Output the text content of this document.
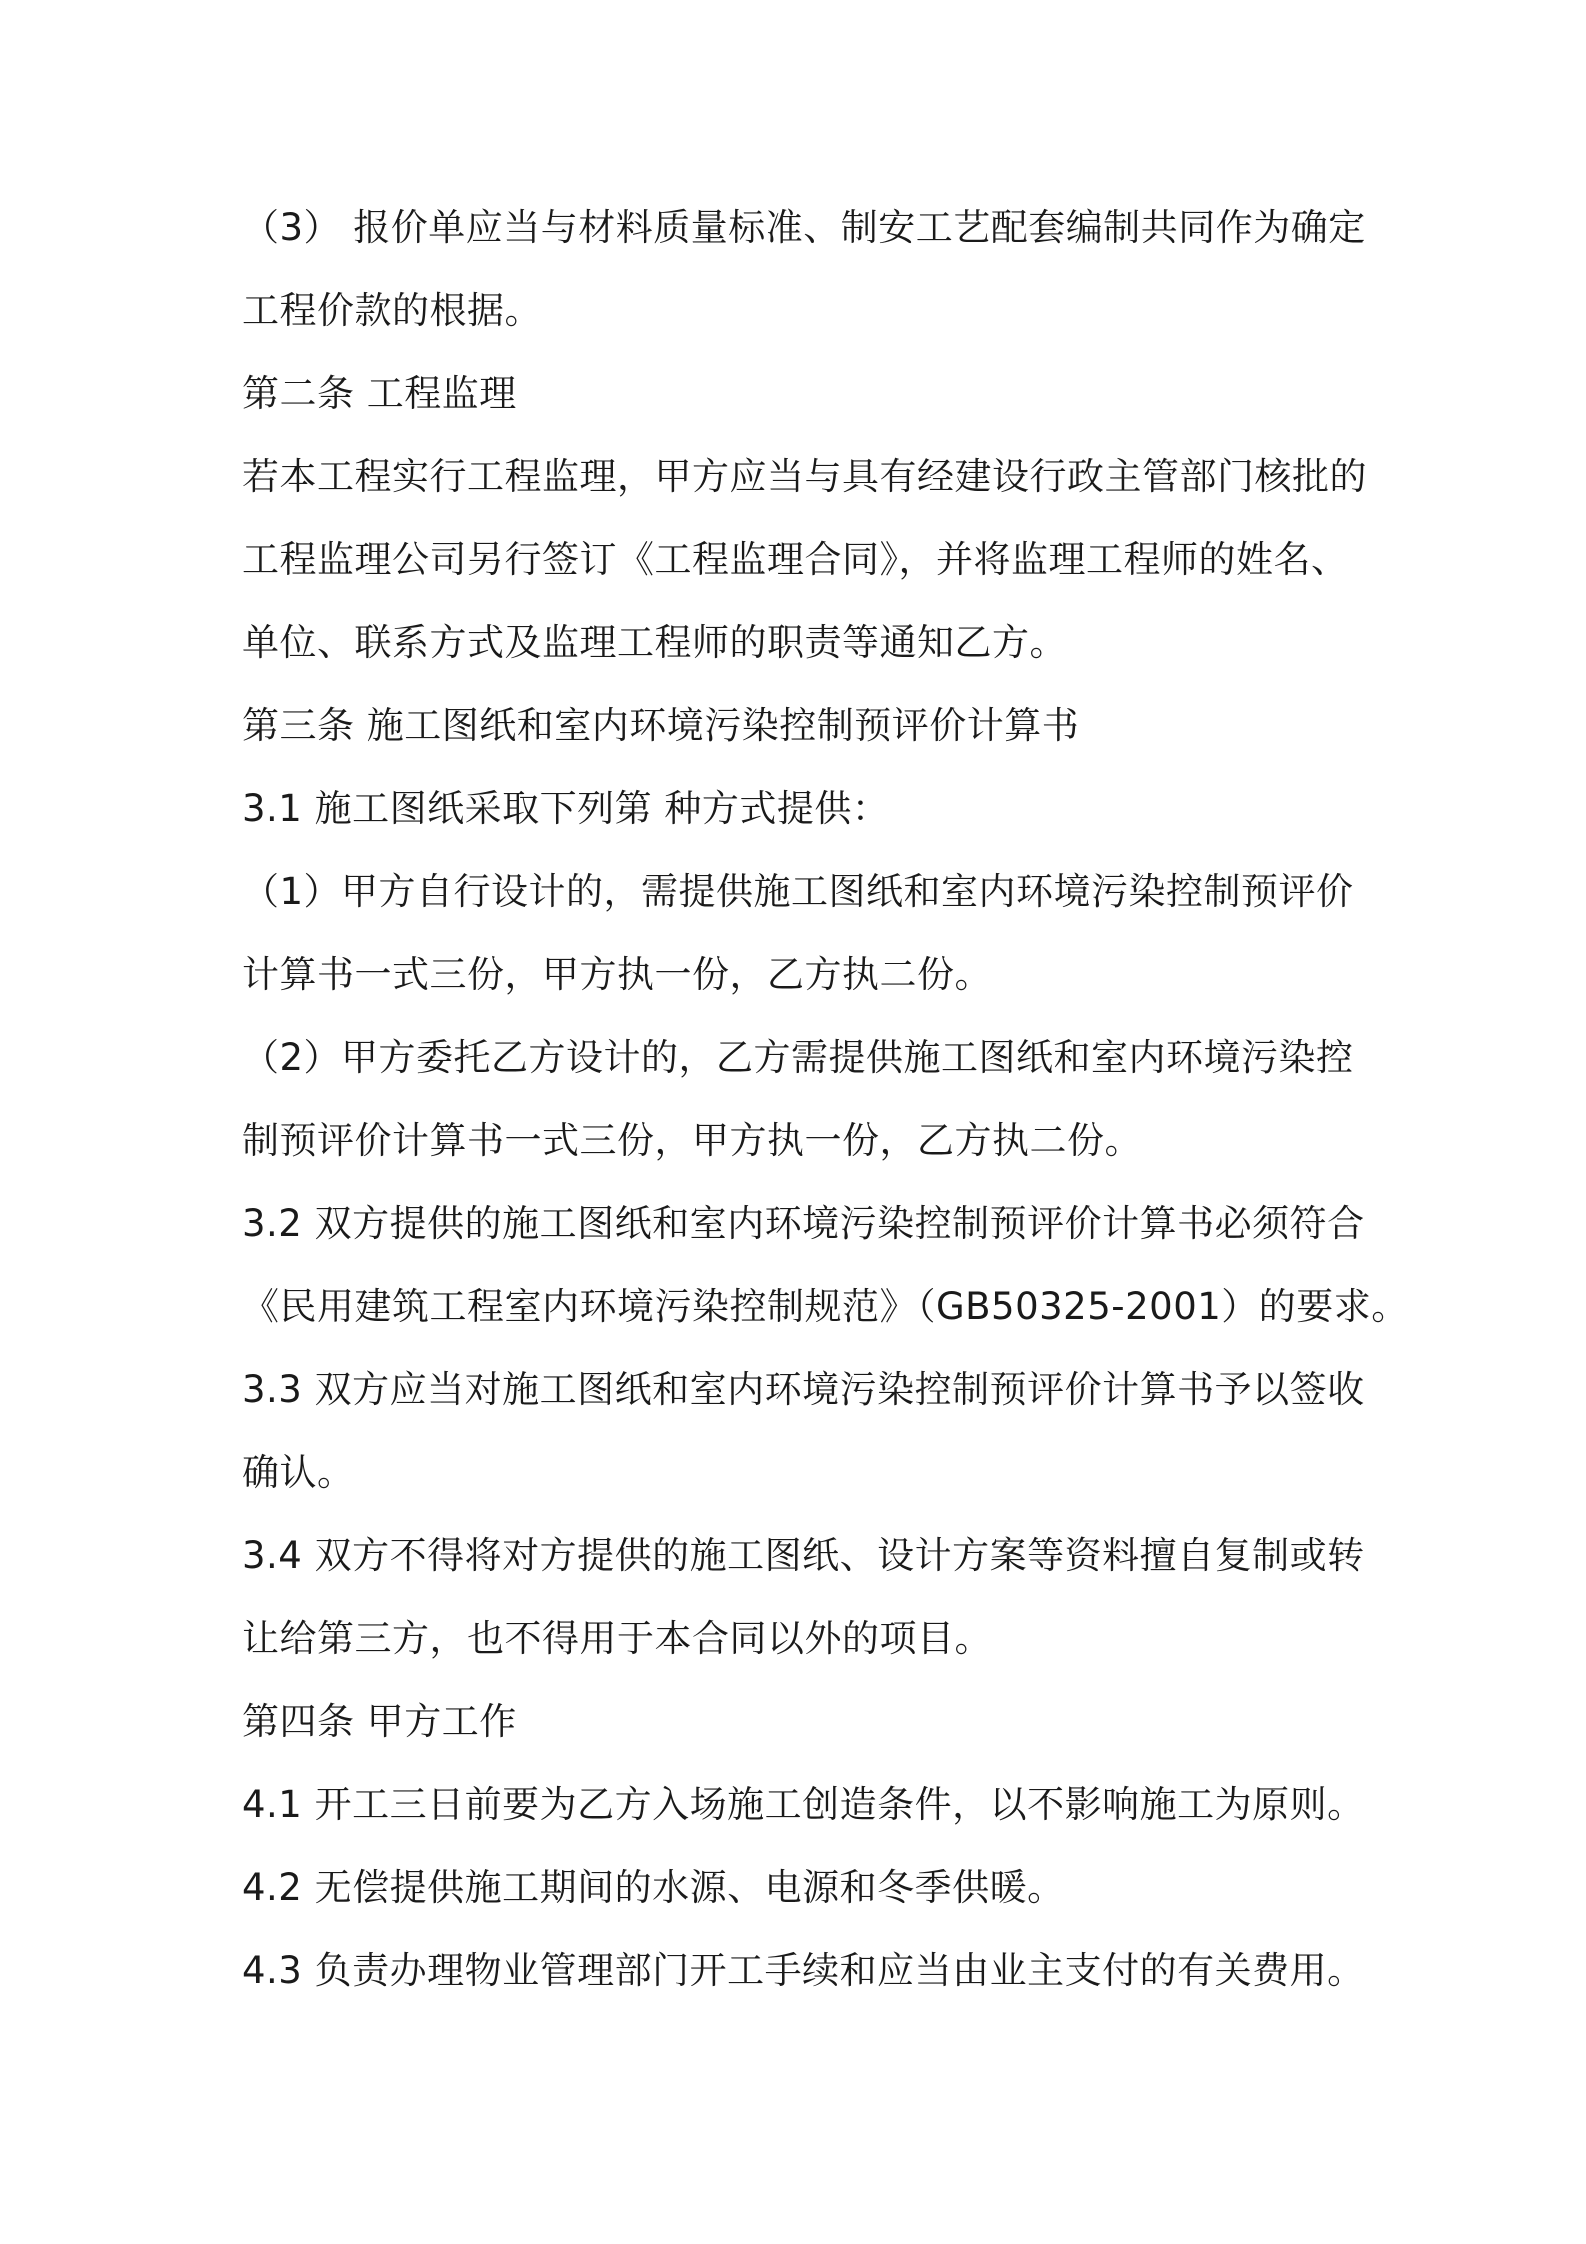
（3） 报价单应当与材料质量标准、制安工艺配套编制共同作为确定
工程价款的根据。
第二条 工程监理
若本工程实行工程监理，甲方应当与具有经建设行政主管部门核批的
工程监理公司另行签订《工程监理合同》，并将监理工程师的姓名、
单位、联系方式及监理工程师的职责等通知乙方。
第三条 施工图纸和室内环境污染控制预评价计算书
3.1 施工图纸采取下列第 种方式提供：
（1）甲方自行设计的，需提供施工图纸和室内环境污染控制预评价
计算书一式三份，甲方执一份，乙方执二份。
（2）甲方委托乙方设计的，乙方需提供施工图纸和室内环境污染控
制预评价计算书一式三份，甲方执一份，乙方执二份。
3.2 双方提供的施工图纸和室内环境污染控制预评价计算书必须符合
《民用建筑工程室内环境污染控制规范》（GB50325-2001）的要求。
3.3 双方应当对施工图纸和室内环境污染控制预评价计算书予以签收
确认。
3.4 双方不得将对方提供的施工图纸、设计方案等资料擅自复制或转
让给第三方，也不得用于本合同以外的项目。
第四条 甲方工作
4.1 开工三日前要为乙方入场施工创造条件，以不影响施工为原则。
4.2 无偿提供施工期间的水源、电源和冬季供暖。
4.3 负责办理物业管理部门开工手续和应当由业主支付的有关费用。
